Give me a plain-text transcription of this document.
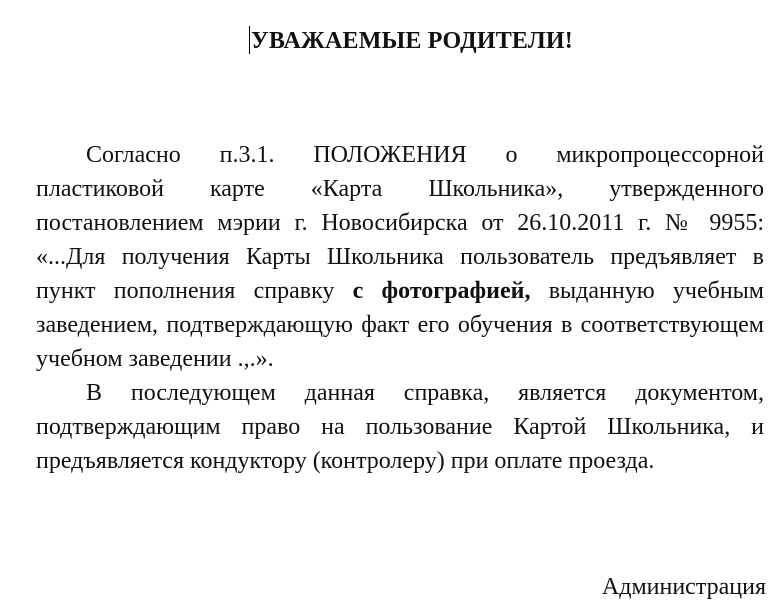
УВАЖАЕМЫЕ РОДИТЕЛИ!

Согласно п.3.1. ПОЛОЖЕНИЯ о микропроцессорной пластиковой карте «Карта Школьника», утвержденного постановлением мэрии г. Новосибирска от 26.10.2011 г. № 9955: «...Для получения Карты Школьника пользователь предъявляет в пункт пополнения справку с фотографией, выданную учебным заведением, подтверждающую факт его обучения в соответствующем учебном заведении .,.».

В последующем данная справка, является документом, подтверждающим право на пользование Картой Школьника, и предъявляется кондуктору (контролеру) при оплате проезда.

Администрация
